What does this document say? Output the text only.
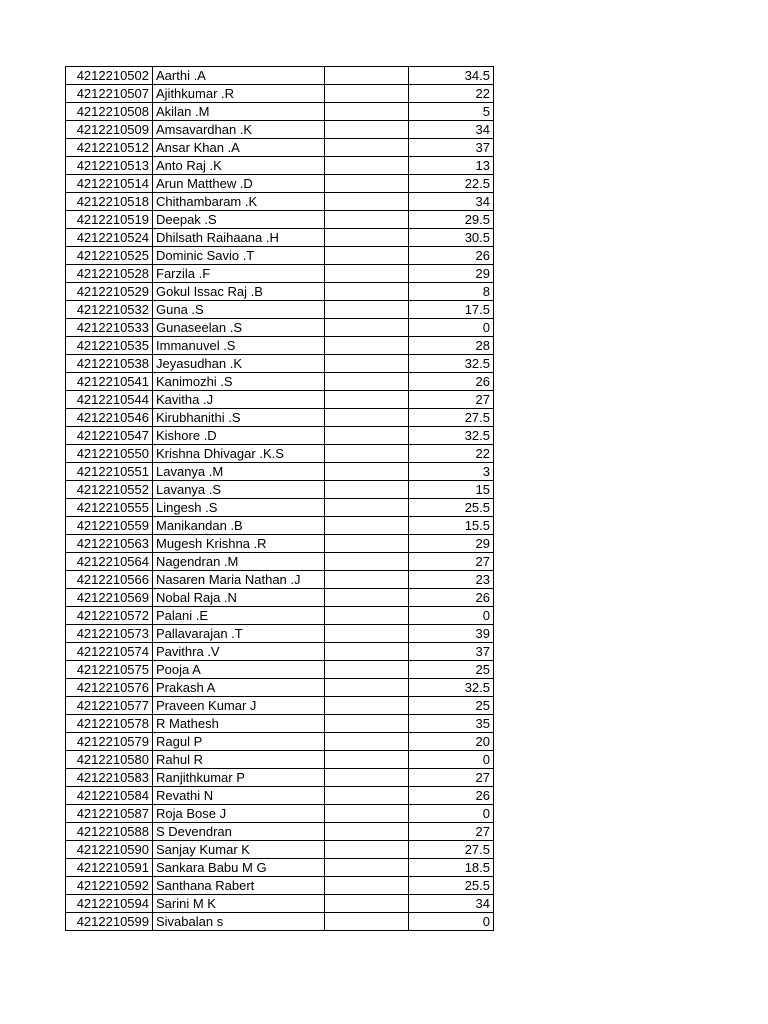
4212210502	Aarthi .A		34.5
4212210507	Ajithkumar .R		22
4212210508	Akilan .M		5
4212210509	Amsavardhan .K		34
4212210512	Ansar Khan .A		37
4212210513	Anto Raj .K		13
4212210514	Arun Matthew .D		22.5
4212210518	Chithambaram .K		34
4212210519	Deepak .S		29.5
4212210524	Dhilsath Raihaana .H		30.5
4212210525	Dominic Savio .T		26
4212210528	Farzila .F		29
4212210529	Gokul Issac Raj .B		8
4212210532	Guna .S		17.5
4212210533	Gunaseelan .S		0
4212210535	Immanuvel .S		28
4212210538	Jeyasudhan .K		32.5
4212210541	Kanimozhi .S		26
4212210544	Kavitha .J		27
4212210546	Kirubhanithi .S		27.5
4212210547	Kishore .D		32.5
4212210550	Krishna Dhivagar .K.S		22
4212210551	Lavanya .M		3
4212210552	Lavanya .S		15
4212210555	Lingesh .S		25.5
4212210559	Manikandan .B		15.5
4212210563	Mugesh Krishna .R		29
4212210564	Nagendran .M		27
4212210566	Nasaren Maria Nathan .J		23
4212210569	Nobal Raja .N		26
4212210572	Palani .E		0
4212210573	Pallavarajan .T		39
4212210574	Pavithra .V		37
4212210575	Pooja A		25
4212210576	Prakash A		32.5
4212210577	Praveen Kumar J		25
4212210578	R Mathesh		35
4212210579	Ragul P		20
4212210580	Rahul R		0
4212210583	Ranjithkumar P		27
4212210584	Revathi N		26
4212210587	Roja Bose J		0
4212210588	S Devendran		27
4212210590	Sanjay Kumar K		27.5
4212210591	Sankara Babu M G		18.5
4212210592	Santhana Rabert		25.5
4212210594	Sarini M K		34
4212210599	Sivabalan s		0
